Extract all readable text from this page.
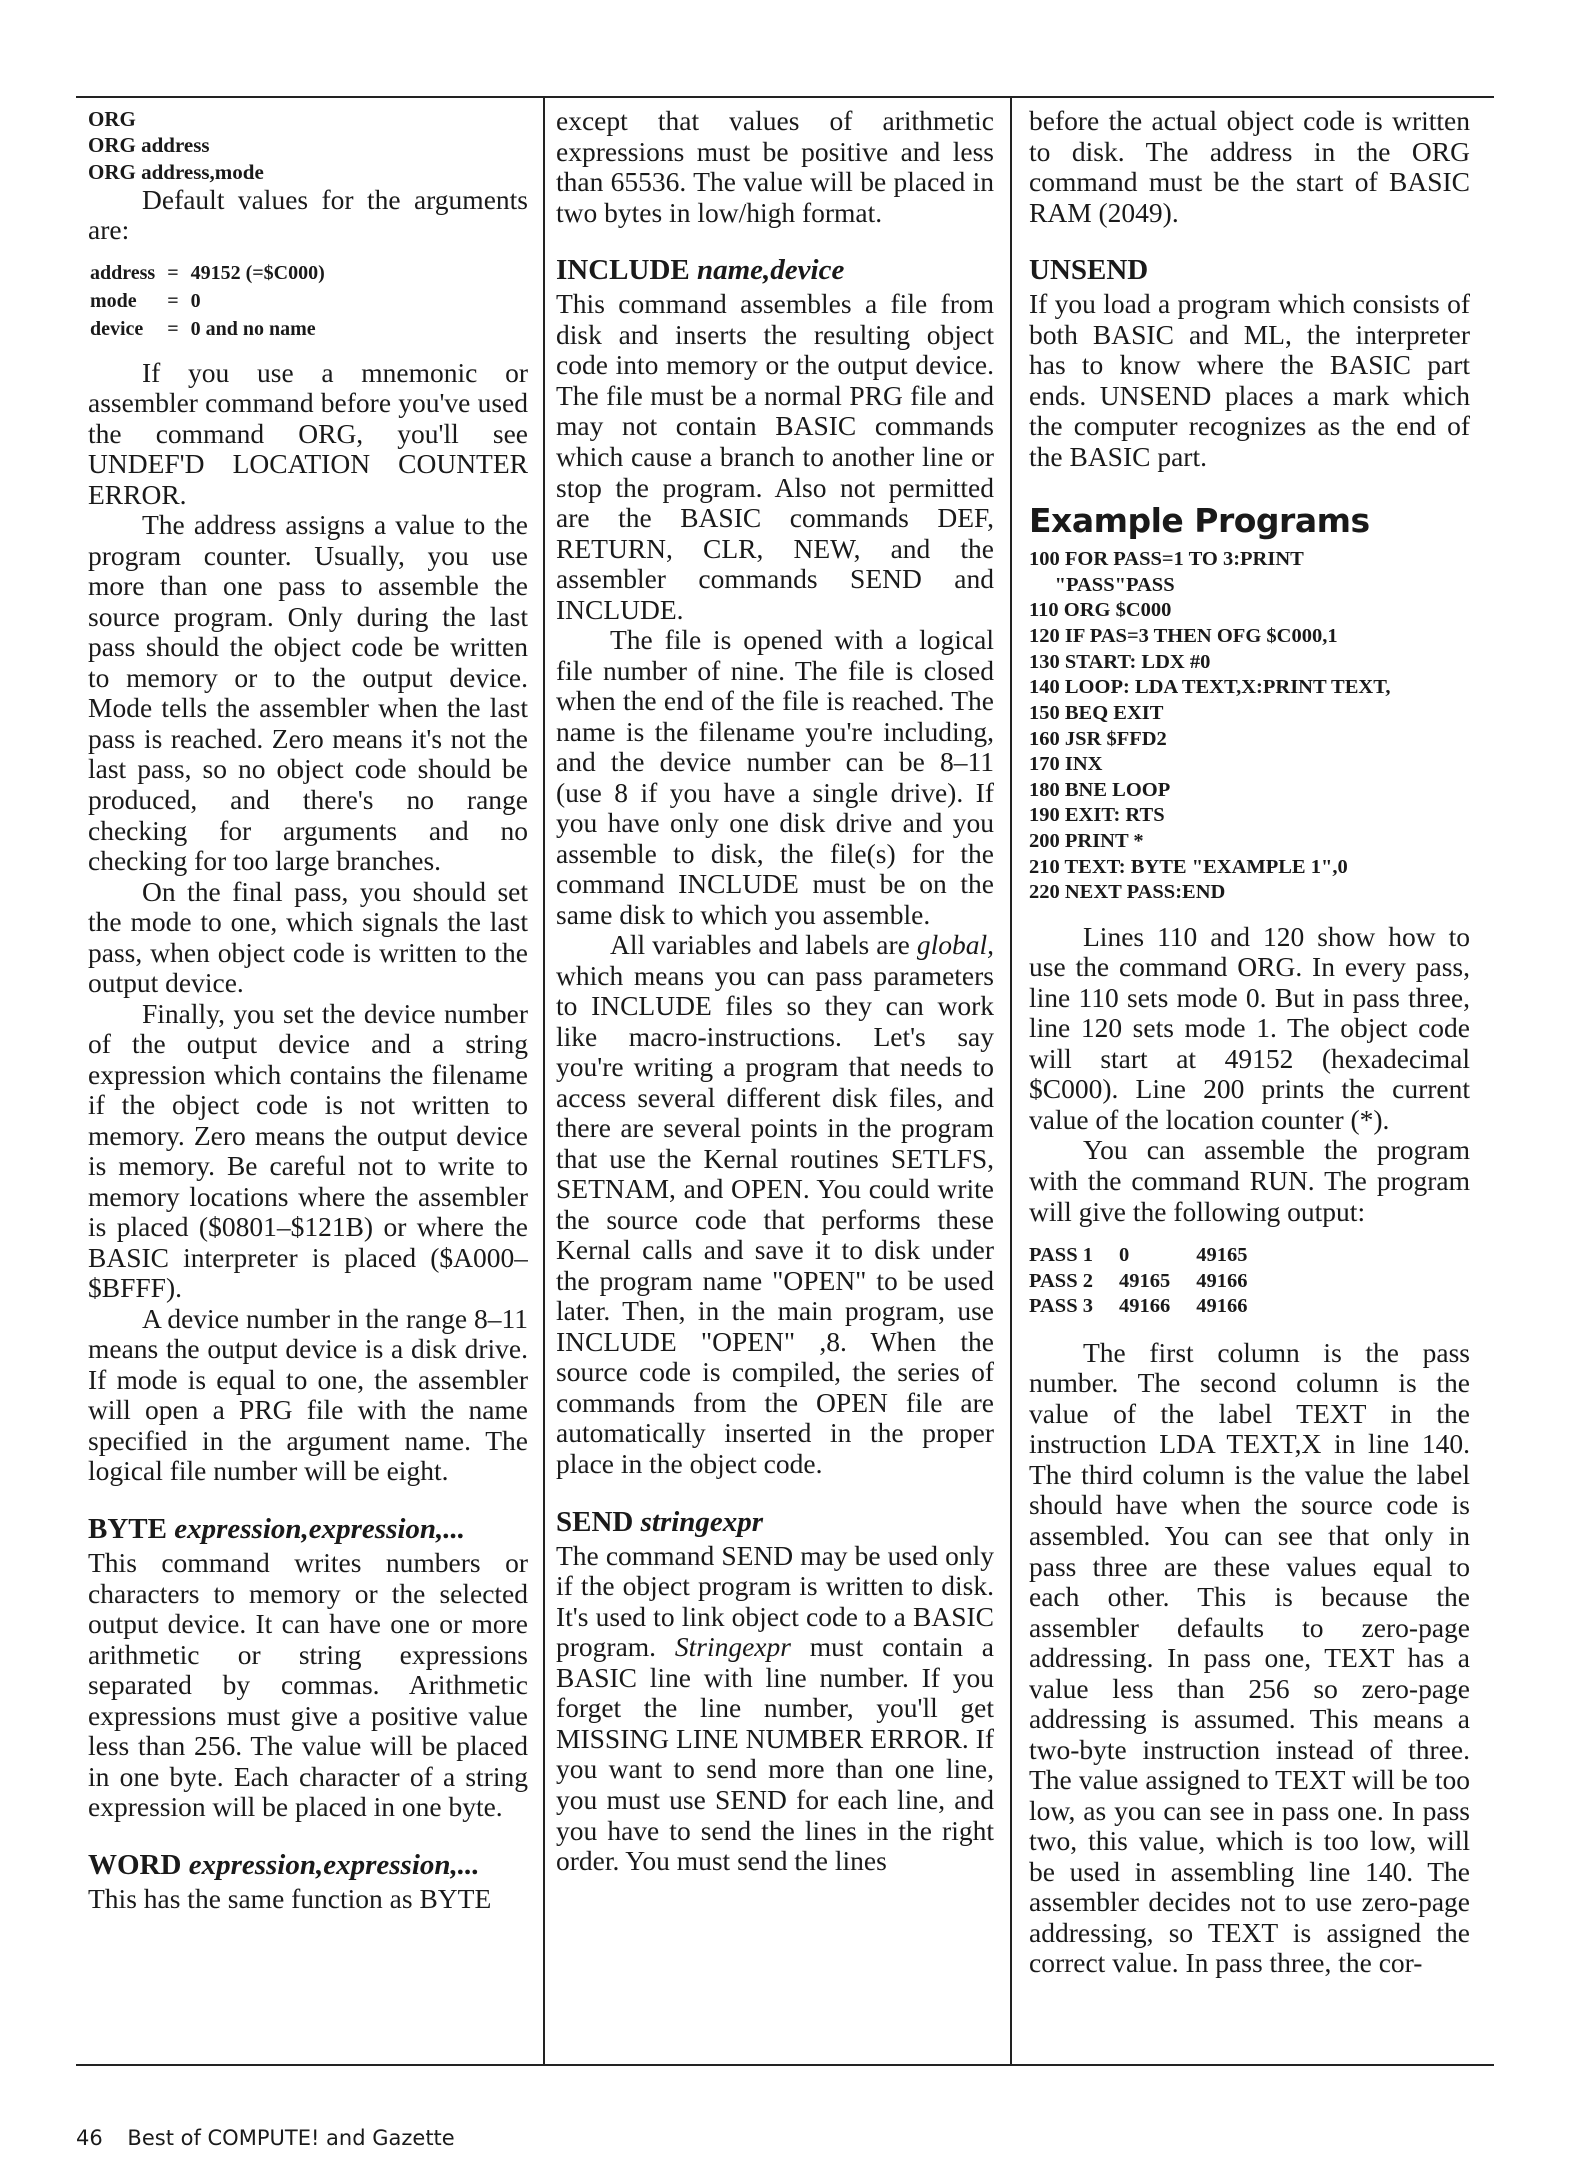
ORG
ORG address
ORG address,mode

Default values for the arguments are:

address	=	49152 (=$C000)
mode	=	0
device	=	0 and no name

If you use a mnemonic or assembler command before you've used the command ORG, you'll see UNDEF'D LOCATION COUNTER ERROR.

The address assigns a value to the program counter. Usually, you use more than one pass to assemble the source program. Only during the last pass should the object code be written to memory or to the output device. Mode tells the assembler when the last pass is reached. Zero means it's not the last pass, so no object code should be produced, and there's no range checking for arguments and no checking for too large branches.

On the final pass, you should set the mode to one, which signals the last pass, when object code is written to the output device.

Finally, you set the device number of the output device and a string expression which contains the filename if the object code is not written to memory. Zero means the output device is memory. Be careful not to write to memory locations where the assembler is placed ($0801–$121B) or where the BASIC interpreter is placed ($A000–$BFFF).

A device number in the range 8–11 means the output device is a disk drive. If mode is equal to one, the assembler will open a PRG file with the name specified in the argument name. The logical file number will be eight.

BYTE expression,expression,...

This command writes numbers or characters to memory or the selected output device. It can have one or more arithmetic or string expressions separated by commas. Arithmetic expressions must give a positive value less than 256. The value will be placed in one byte. Each character of a string expression will be placed in one byte.

WORD expression,expression,...

This has the same function as BYTE

except that values of arithmetic expressions must be positive and less than 65536. The value will be placed in two bytes in low/high format.

INCLUDE name,device

This command assembles a file from disk and inserts the resulting object code into memory or the output device. The file must be a normal PRG file and may not contain BASIC commands which cause a branch to another line or stop the program. Also not permitted are the BASIC commands DEF, RETURN, CLR, NEW, and the assembler commands SEND and INCLUDE.

The file is opened with a logical file number of nine. The file is closed when the end of the file is reached. The name is the filename you're including, and the device number can be 8–11 (use 8 if you have a single drive). If you have only one disk drive and you assemble to disk, the file(s) for the command INCLUDE must be on the same disk to which you assemble.

All variables and labels are global, which means you can pass parameters to INCLUDE files so they can work like macro-instructions. Let's say you're writing a program that needs to access several different disk files, and there are several points in the program that use the Kernal routines SETLFS, SETNAM, and OPEN. You could write the source code that performs these Kernal calls and save it to disk under the program name "OPEN" to be used later. Then, in the main program, use INCLUDE "OPEN" ,8. When the source code is compiled, the series of commands from the OPEN file are automatically inserted in the proper place in the object code.

SEND stringexpr

The command SEND may be used only if the object program is written to disk. It's used to link object code to a BASIC program. Stringexpr must contain a BASIC line with line number. If you forget the line number, you'll get MISSING LINE NUMBER ERROR. If you want to send more than one line, you must use SEND for each line, and you have to send the lines in the right order. You must send the lines

before the actual object code is written to disk. The address in the ORG command must be the start of BASIC RAM (2049).

UNSEND

If you load a program which consists of both BASIC and ML, the interpreter has to know where the BASIC part ends. UNSEND places a mark which the computer recognizes as the end of the BASIC part.

Example Programs
100 FOR PASS=1 TO 3:PRINT
"PASS"PASS
110 ORG $C000
120 IF PAS=3 THEN OFG $C000,1
130 START: LDX #0
140 LOOP: LDA TEXT,X:PRINT TEXT,
150 BEQ EXIT
160 JSR $FFD2
170 INX
180 BNE LOOP
190 EXIT: RTS
200 PRINT *
210 TEXT: BYTE "EXAMPLE 1",0
220 NEXT PASS:END

Lines 110 and 120 show how to use the command ORG. In every pass, line 110 sets mode 0. But in pass three, line 120 sets mode 1. The object code will start at 49152 (hexadecimal $C000). Line 200 prints the current value of the location counter (*).

You can assemble the program with the command RUN. The program will give the following output:

PASS 1	0	49165
PASS 2	49165	49166
PASS 3	49166	49166

The first column is the pass number. The second column is the value of the label TEXT in the instruction LDA TEXT,X in line 140. The third column is the value the label should have when the source code is assembled. You can see that only in pass three are these values equal to each other. This is because the assembler defaults to zero-page addressing. In pass one, TEXT has a value less than 256 so zero-page addressing is assumed. This means a two-byte instruction instead of three. The value assigned to TEXT will be too low, as you can see in pass one. In pass two, this value, which is too low, will be used in assembling line 140. The assembler decides not to use zero-page addressing, so TEXT is assigned the correct value. In pass three, the cor-

46 Best of COMPUTE! and Gazette
